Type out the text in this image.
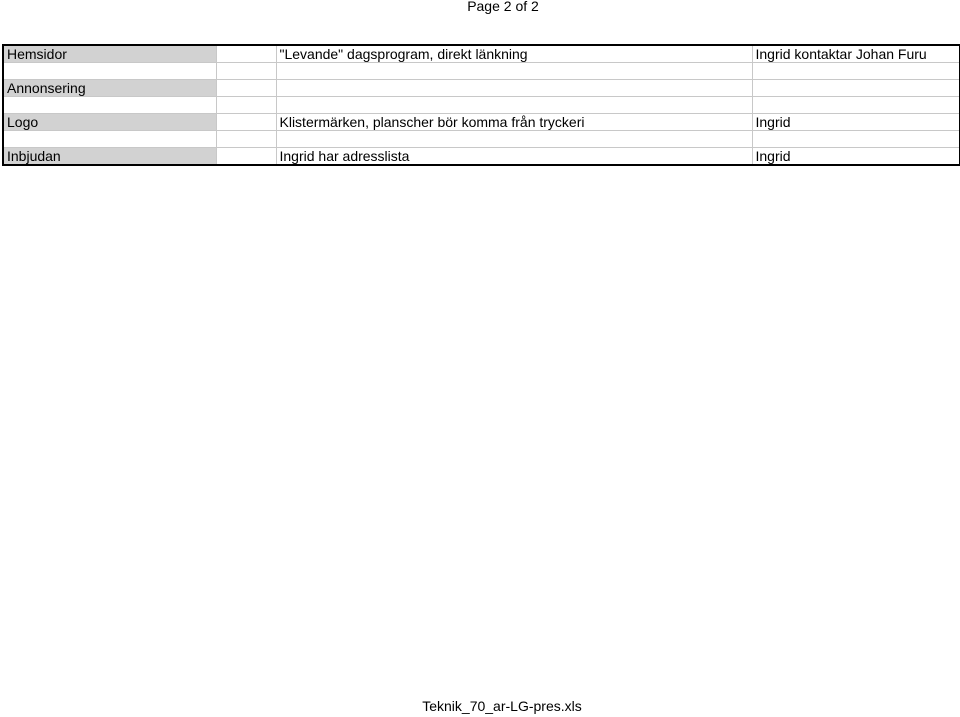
Page 2 of 2
Hemsidor		"Levande" dagsprogram, direkt länkning	Ingrid kontaktar Johan Furu

Annonsering			

Logo		Klistermärken, planscher bör komma från tryckeri	Ingrid

Inbjudan		Ingrid har adresslista	Ingrid
Teknik_70_ar-LG-pres.xls
